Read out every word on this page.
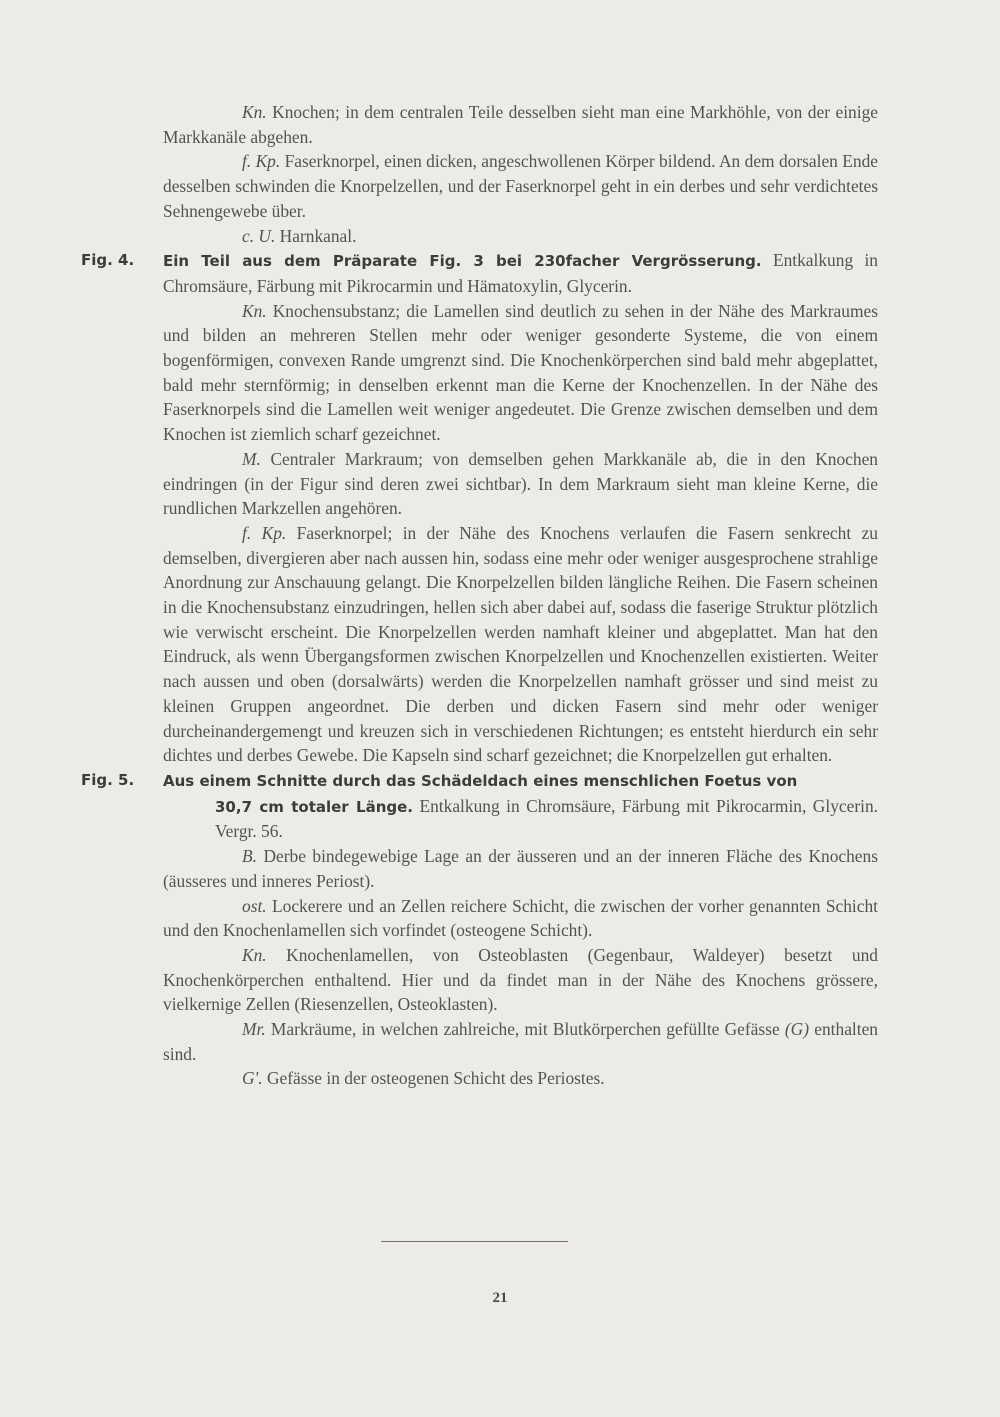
Kn. Knochen; in dem centralen Teile desselben sieht man eine Markhöhle, von der einige Markkanäle abgehen.

f. Kp. Faserknorpel, einen dicken, angeschwollenen Körper bildend. An dem dorsalen Ende desselben schwinden die Knorpelzellen, und der Faserknorpel geht in ein derbes und sehr verdichtetes Sehnengewebe über.

c. U. Harnkanal.

Fig. 4. Ein Teil aus dem Präparate Fig. 3 bei 230facher Vergrösserung. Entkalkung in Chromsäure, Färbung mit Pikrocarmin und Hämatoxylin, Glycerin.

Kn. Knochensubstanz; die Lamellen sind deutlich zu sehen in der Nähe des Markraumes und bilden an mehreren Stellen mehr oder weniger gesonderte Systeme, die von einem bogenförmigen, convexen Rande umgrenzt sind. Die Knochenkörperchen sind bald mehr abgeplattet, bald mehr sternförmig; in denselben erkennt man die Kerne der Knochenzellen. In der Nähe des Faserknorpels sind die Lamellen weit weniger angedeutet. Die Grenze zwischen demselben und dem Knochen ist ziemlich scharf gezeichnet.

M. Centraler Markraum; von demselben gehen Markkanäle ab, die in den Knochen eindringen (in der Figur sind deren zwei sichtbar). In dem Markraum sieht man kleine Kerne, die rundlichen Markzellen angehören.

f. Kp. Faserknorpel; in der Nähe des Knochens verlaufen die Fasern senkrecht zu demselben, divergieren aber nach aussen hin, sodass eine mehr oder weniger ausgesprochene strahlige Anordnung zur Anschauung gelangt. Die Knorpelzellen bilden längliche Reihen. Die Fasern scheinen in die Knochensubstanz einzudringen, hellen sich aber dabei auf, sodass die faserige Struktur plötzlich wie verwischt erscheint. Die Knorpelzellen werden namhaft kleiner und abgeplattet. Man hat den Eindruck, als wenn Übergangsformen zwischen Knorpelzellen und Knochenzellen existierten. Weiter nach aussen und oben (dorsalwärts) werden die Knorpelzellen namhaft grösser und sind meist zu kleinen Gruppen angeordnet. Die derben und dicken Fasern sind mehr oder weniger durcheinandergemengt und kreuzen sich in verschiedenen Richtungen; es entsteht hierdurch ein sehr dichtes und derbes Gewebe. Die Kapseln sind scharf gezeichnet; die Knorpelzellen gut erhalten.

Fig. 5. Aus einem Schnitte durch das Schädeldach eines menschlichen Foetus von

30,7 cm totaler Länge. Entkalkung in Chromsäure, Färbung mit Pikrocarmin, Glycerin. Vergr. 56.

B. Derbe bindegewebige Lage an der äusseren und an der inneren Fläche des Knochens (äusseres und inneres Periost).

ost. Lockerere und an Zellen reichere Schicht, die zwischen der vorher genannten Schicht und den Knochenlamellen sich vorfindet (osteogene Schicht).

Kn. Knochenlamellen, von Osteoblasten (Gegenbaur, Waldeyer) besetzt und Knochenkörperchen enthaltend. Hier und da findet man in der Nähe des Knochens grössere, vielkernige Zellen (Riesenzellen, Osteoklasten).

Mr. Markräume, in welchen zahlreiche, mit Blutkörperchen gefüllte Gefässe (G) enthalten sind.

G'. Gefässe in der osteogenen Schicht des Periostes.

21
